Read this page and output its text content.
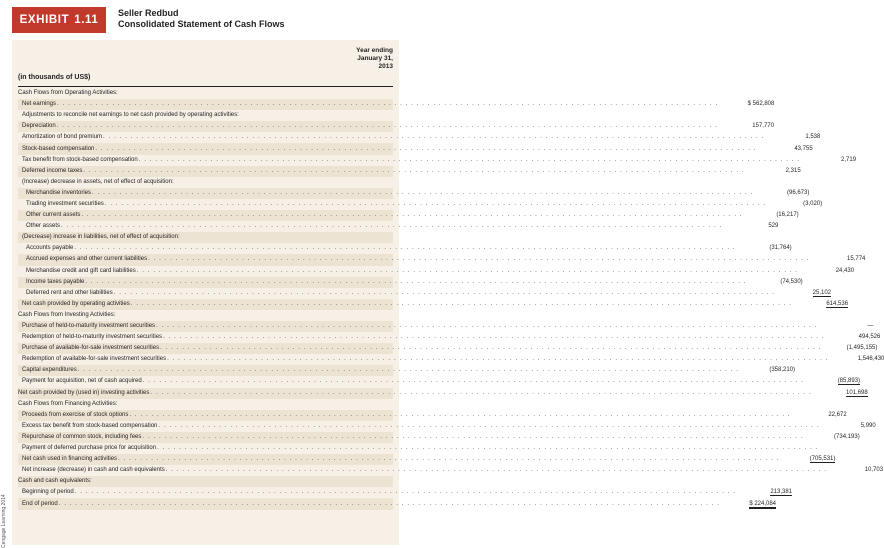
Cengage Learning 2014
EXHIBIT 1.11
Seller Redbud
Consolidated Statement of Cash Flows
(in thousands of US$)
Year ending
January 31,
2013
Cash Flows from Operating Activities:
Net earnings . . . . . . . . . . . . . . . . . . . . . . . . . . . . . . . . . . . . . . . . . . . . . . . . . . . . . . . . . . . . . . . . . . . . . . . . . . . . . . . . . . . . . . . . . . . . . . . . . . . . . . . . . . . . . . . . . . . . . . . .	$ 562,808
Adjustments to reconcile net earnings to net cash provided by operating activities:
Depreciation . . . . . . . . . . . . . . . . . . . . . . . . . . . . . . . . . . . . . . . . . . . . . . . . . . . . . . . . . . . . . . . . . . . . . . . . . . . . . . . . . . . . . . . . . . . . . . . . . . . . . . . . . . . . . . . . . . . . . . . .	157,770
Amortization of bond premium . . . . . . . . . . . . . . . . . . . . . . . . . . . . . . . . . . . . . . . . . . . . . . . . . . . . . . . . . . . . . . . . . . . . . . . . . . . . . . . . . . . . . . . . . . . . . . . . . . . . . . . . . . . . . . . . . . . . . . . .	1,538
Stock-based compensation . . . . . . . . . . . . . . . . . . . . . . . . . . . . . . . . . . . . . . . . . . . . . . . . . . . . . . . . . . . . . . . . . . . . . . . . . . . . . . . . . . . . . . . . . . . . . . . . . . . . . . . . . . . . . . . . . . . . . . . .	43,755
Tax benefit from stock-based compensation . . . . . . . . . . . . . . . . . . . . . . . . . . . . . . . . . . . . . . . . . . . . . . . . . . . . . . . . . . . . . . . . . . . . . . . . . . . . . . . . . . . . . . . . . . . . . . . . . . . . . . . . . . . . . . . . . . . . . . . .	2,719
Deferred income taxes . . . . . . . . . . . . . . . . . . . . . . . . . . . . . . . . . . . . . . . . . . . . . . . . . . . . . . . . . . . . . . . . . . . . . . . . . . . . . . . . . . . . . . . . . . . . . . . . . . . . . . . . . . . . . . . . . . . . . . . .	2,315
(Increase) decrease in assets, net of effect of acquisition:
Merchandise inventories . . . . . . . . . . . . . . . . . . . . . . . . . . . . . . . . . . . . . . . . . . . . . . . . . . . . . . . . . . . . . . . . . . . . . . . . . . . . . . . . . . . . . . . . . . . . . . . . . . . . . . . . . . . . . . . . . . . . . . . .	(96,673)
Trading investment securities . . . . . . . . . . . . . . . . . . . . . . . . . . . . . . . . . . . . . . . . . . . . . . . . . . . . . . . . . . . . . . . . . . . . . . . . . . . . . . . . . . . . . . . . . . . . . . . . . . . . . . . . . . . . . . . . . . . . . . . .	(3,020)
Other current assets . . . . . . . . . . . . . . . . . . . . . . . . . . . . . . . . . . . . . . . . . . . . . . . . . . . . . . . . . . . . . . . . . . . . . . . . . . . . . . . . . . . . . . . . . . . . . . . . . . . . . . . . . . . . . . . . . . . . . . . .	(16,217)
Other assets . . . . . . . . . . . . . . . . . . . . . . . . . . . . . . . . . . . . . . . . . . . . . . . . . . . . . . . . . . . . . . . . . . . . . . . . . . . . . . . . . . . . . . . . . . . . . . . . . . . . . . . . . . . . . . . . . . . . . . . .	529
(Decrease) increase in liabilities, net of effect of acquisition:
Accounts payable . . . . . . . . . . . . . . . . . . . . . . . . . . . . . . . . . . . . . . . . . . . . . . . . . . . . . . . . . . . . . . . . . . . . . . . . . . . . . . . . . . . . . . . . . . . . . . . . . . . . . . . . . . . . . . . . . . . . . . . .	(31,764)
Accrued expenses and other current liabilities . . . . . . . . . . . . . . . . . . . . . . . . . . . . . . . . . . . . . . . . . . . . . . . . . . . . . . . . . . . . . . . . . . . . . . . . . . . . . . . . . . . . . . . . . . . . . . . . . . . . . . . . . . . . . . . . . . . . . . . .	15,774
Merchandise credit and gift card liabilities . . . . . . . . . . . . . . . . . . . . . . . . . . . . . . . . . . . . . . . . . . . . . . . . . . . . . . . . . . . . . . . . . . . . . . . . . . . . . . . . . . . . . . . . . . . . . . . . . . . . . . . . . . . . . . . . . . . . . . . .	24,430
Income taxes payable . . . . . . . . . . . . . . . . . . . . . . . . . . . . . . . . . . . . . . . . . . . . . . . . . . . . . . . . . . . . . . . . . . . . . . . . . . . . . . . . . . . . . . . . . . . . . . . . . . . . . . . . . . . . . . . . . . . . . . . .	(74,530)
Deferred rent and other liabilities . . . . . . . . . . . . . . . . . . . . . . . . . . . . . . . . . . . . . . . . . . . . . . . . . . . . . . . . . . . . . . . . . . . . . . . . . . . . . . . . . . . . . . . . . . . . . . . . . . . . . . . . . . . . . . . . . . . . . . . .	25,102
Net cash provided by operating activities . . . . . . . . . . . . . . . . . . . . . . . . . . . . . . . . . . . . . . . . . . . . . . . . . . . . . . . . . . . . . . . . . . . . . . . . . . . . . . . . . . . . . . . . . . . . . . . . . . . . . . . . . . . . . . . . . . . . . . . .	614,536
Cash Flows from Investing Activities:
Purchase of held-to-maturity investment securities . . . . . . . . . . . . . . . . . . . . . . . . . . . . . . . . . . . . . . . . . . . . . . . . . . . . . . . . . . . . . . . . . . . . . . . . . . . . . . . . . . . . . . . . . . . . . . . . . . . . . . . . . . . . . . . . . . . . . . . .	—
Redemption of held-to-maturity investment securities . . . . . . . . . . . . . . . . . . . . . . . . . . . . . . . . . . . . . . . . . . . . . . . . . . . . . . . . . . . . . . . . . . . . . . . . . . . . . . . . . . . . . . . . . . . . . . . . . . . . . . . . . . . . . . . . . . . . . . . .	494,526
Purchase of available-for-sale investment securities . . . . . . . . . . . . . . . . . . . . . . . . . . . . . . . . . . . . . . . . . . . . . . . . . . . . . . . . . . . . . . . . . . . . . . . . . . . . . . . . . . . . . . . . . . . . . . . . . . . . . . . . . . . . . . . . . . . . . . . .	(1,495,155)
Redemption of available-for-sale investment securities . . . . . . . . . . . . . . . . . . . . . . . . . . . . . . . . . . . . . . . . . . . . . . . . . . . . . . . . . . . . . . . . . . . . . . . . . . . . . . . . . . . . . . . . . . . . . . . . . . . . . . . . . . . . . . . . . . . . . . . .	1,546,430
Capital expenditures . . . . . . . . . . . . . . . . . . . . . . . . . . . . . . . . . . . . . . . . . . . . . . . . . . . . . . . . . . . . . . . . . . . . . . . . . . . . . . . . . . . . . . . . . . . . . . . . . . . . . . . . . . . . . . . . . . . . . . . .	(358,210)
Payment for acquisition, net of cash acquired . . . . . . . . . . . . . . . . . . . . . . . . . . . . . . . . . . . . . . . . . . . . . . . . . . . . . . . . . . . . . . . . . . . . . . . . . . . . . . . . . . . . . . . . . . . . . . . . . . . . . . . . . . . . . . . . . . . . . . . .	(85,893)
Net cash provided by (used in) investing activities . . . . . . . . . . . . . . . . . . . . . . . . . . . . . . . . . . . . . . . . . . . . . . . . . . . . . . . . . . . . . . . . . . . . . . . . . . . . . . . . . . . . . . . . . . . . . . . . . . . . . . . . . . . . . . . . . . . . . . . .	101,698
Cash Flows from Financing Activities:
Proceeds from exercise of stock options . . . . . . . . . . . . . . . . . . . . . . . . . . . . . . . . . . . . . . . . . . . . . . . . . . . . . . . . . . . . . . . . . . . . . . . . . . . . . . . . . . . . . . . . . . . . . . . . . . . . . . . . . . . . . . . . . . . . . . . .	22,672
Excess tax benefit from stock-based compensation . . . . . . . . . . . . . . . . . . . . . . . . . . . . . . . . . . . . . . . . . . . . . . . . . . . . . . . . . . . . . . . . . . . . . . . . . . . . . . . . . . . . . . . . . . . . . . . . . . . . . . . . . . . . . . . . . . . . . . . .	5,990
Repurchase of common stock, including fees . . . . . . . . . . . . . . . . . . . . . . . . . . . . . . . . . . . . . . . . . . . . . . . . . . . . . . . . . . . . . . . . . . . . . . . . . . . . . . . . . . . . . . . . . . . . . . . . . . . . . . . . . . . . . . . . . . . . . . . .	(734,193)
Payment of deferred purchase price for acquisition . . . . . . . . . . . . . . . . . . . . . . . . . . . . . . . . . . . . . . . . . . . . . . . . . . . . . . . . . . . . . . . . . . . . . . . . . . . . . . . . . . . . . . . . . . . . . . . . . . . . . . . . . . . . . . . . . . . . . . . .
Net cash used in financing activities . . . . . . . . . . . . . . . . . . . . . . . . . . . . . . . . . . . . . . . . . . . . . . . . . . . . . . . . . . . . . . . . . . . . . . . . . . . . . . . . . . . . . . . . . . . . . . . . . . . . . . . . . . . . . . . . . . . . . . . .	(705,531)
Net increase (decrease) in cash and cash equivalents . . . . . . . . . . . . . . . . . . . . . . . . . . . . . . . . . . . . . . . . . . . . . . . . . . . . . . . . . . . . . . . . . . . . . . . . . . . . . . . . . . . . . . . . . . . . . . . . . . . . . . . . . . . . . . . . . . . . . . . .	10,703
Cash and cash equivalents:
Beginning of period . . . . . . . . . . . . . . . . . . . . . . . . . . . . . . . . . . . . . . . . . . . . . . . . . . . . . . . . . . . . . . . . . . . . . . . . . . . . . . . . . . . . . . . . . . . . . . . . . . . . . . . . . . . . . . . . . . . . . . . .	213,381
End of period . . . . . . . . . . . . . . . . . . . . . . . . . . . . . . . . . . . . . . . . . . . . . . . . . . . . . . . . . . . . . . . . . . . . . . . . . . . . . . . . . . . . . . . . . . . . . . . . . . . . . . . . . . . . . . . . . . . . . . . .	$ 224,084
